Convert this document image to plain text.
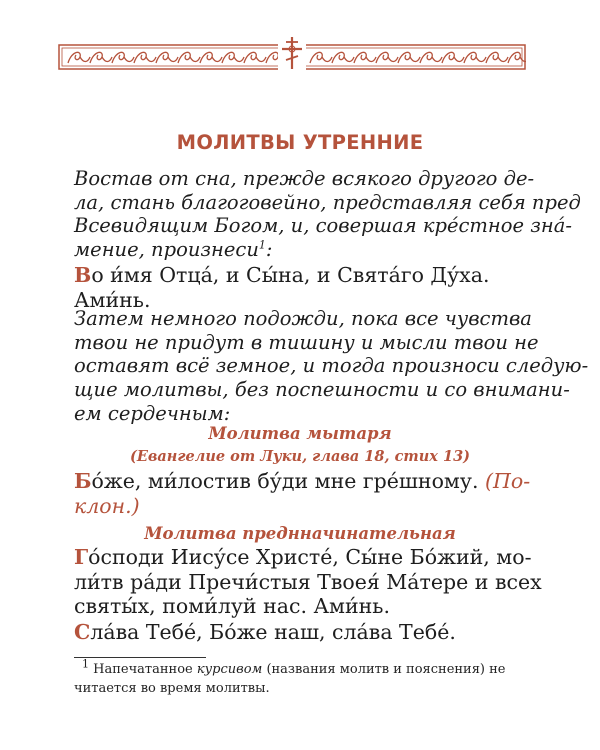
МОЛИТВЫ УТРЕННИЕ
Востав от сна, прежде всякого другого де-
ла, стань благоговейно, представляя себя пред
Всевидящим Богом, и, совершая кре́стное зна́-
мение, произнеси$^1$:
Во и́мя Отца́, и Сы́на, и Свята́го Ду́ха.
Ами́нь.
Затем немного подожди, пока все чувства
твои не придут в тишину и мысли твои не
оставят всё земное, и тогда произноси следую-
щие молитвы, без поспешности и со внимани-
ем сердечным:
Молитва мытаря
(Евангелие от Луки, глава 18, стих 13)
Бо́же, ми́лостив бу́ди мне гре́шному. (По-
клон.)
Молитва преднначинательная
Го́споди Иису́се Христе́, Сы́не Бо́жий, мо-
ли́тв ра́ди Пречи́стыя Твоея́ Ма́тере и всех
святы́х, поми́луй нас. Ами́нь.
Сла́ва Тебе́, Бо́же наш, сла́ва Тебе́.
$^1$ Напечатанное курсивом (названия молитв и пояснения) не
читается во время молитвы.
